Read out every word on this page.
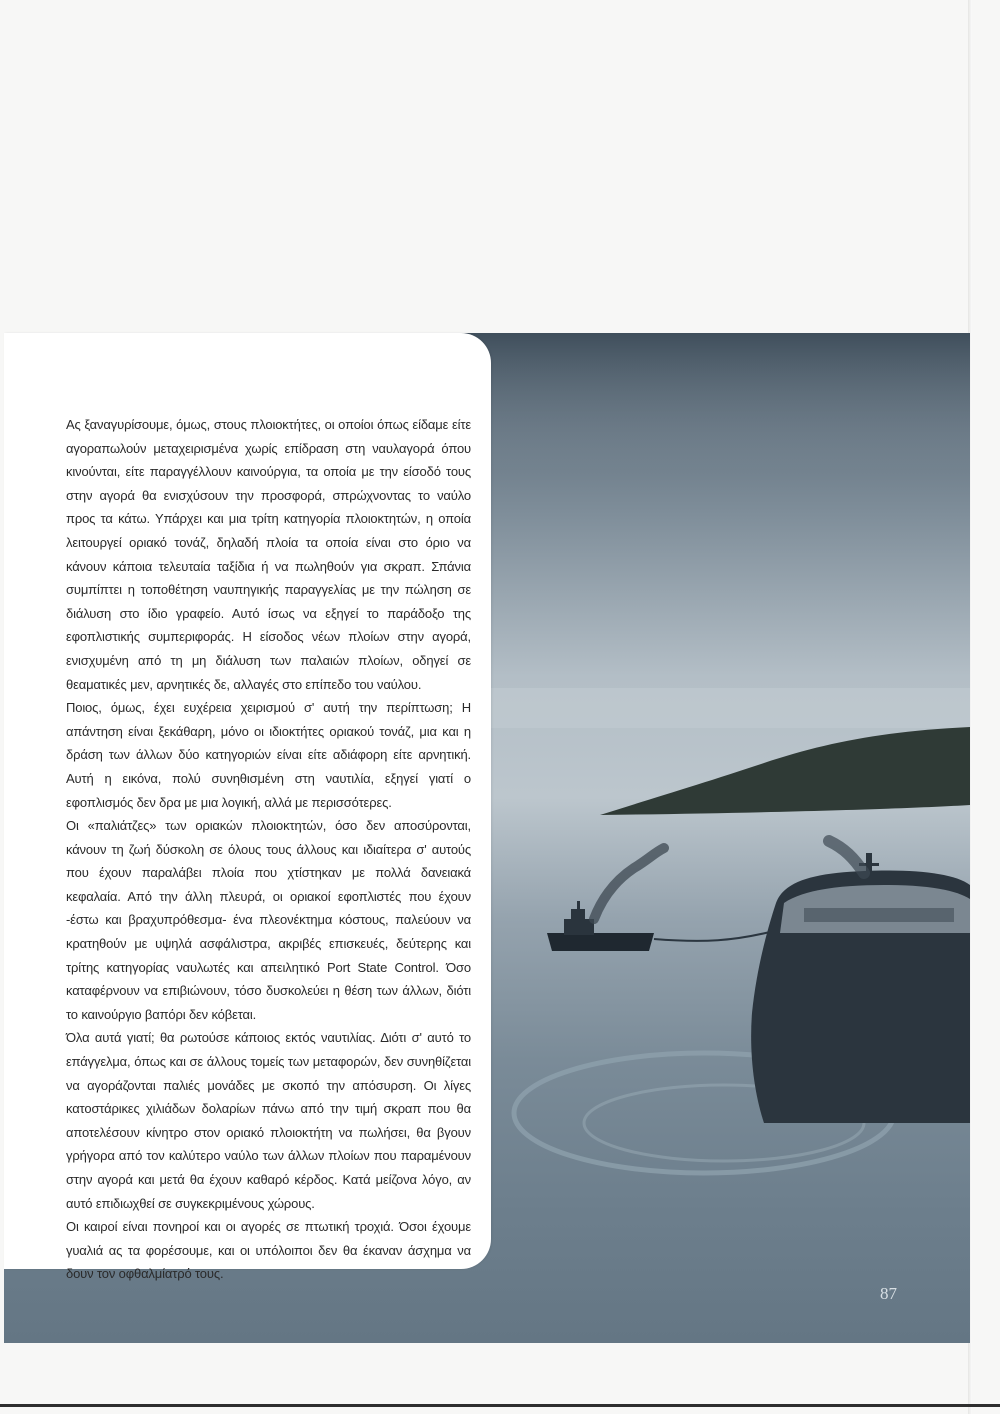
Ας ξαναγυρίσουμε, όμως, στους πλοιοκτήτες, οι οποίοι όπως είδαμε είτε αγοραπωλούν μεταχειρισμένα χωρίς επίδραση στη ναυλαγορά όπου κινούνται, είτε παραγγέλλουν καινούργια, τα οποία με την είσοδό τους στην αγορά θα ενισχύσουν την προσφορά, σπρώχνοντας το ναύλο προς τα κάτω. Υπάρχει και μια τρίτη κατηγορία πλοιοκτητών, η οποία λειτουργεί οριακό τονάζ, δηλαδή πλοία τα οποία είναι στο όριο να κάνουν κάποια τελευταία ταξίδια ή να πωληθούν για σκραπ. Σπάνια συμπίπτει η τοποθέτηση ναυπηγικής παραγγελίας με την πώληση σε διάλυση στο ίδιο γραφείο. Αυτό ίσως να εξηγεί το παράδοξο της εφοπλιστικής συμπεριφοράς. Η είσοδος νέων πλοίων στην αγορά, ενισχυμένη από τη μη διάλυση των παλαιών πλοίων, οδηγεί σε θεαματικές μεν, αρνητικές δε, αλλαγές στο επίπεδο του ναύλου.

Ποιος, όμως, έχει ευχέρεια χειρισμού σ' αυτή την περίπτωση; Η απάντηση είναι ξεκάθαρη, μόνο οι ιδιοκτήτες οριακού τονάζ, μια και η δράση των άλλων δύο κατηγοριών είναι είτε αδιάφορη είτε αρνητική. Αυτή η εικόνα, πολύ συνηθισμένη στη ναυτιλία, εξηγεί γιατί ο εφοπλισμός δεν δρα με μια λογική, αλλά με περισσότερες.

Οι «παλιάτζες» των οριακών πλοιοκτητών, όσο δεν αποσύρονται, κάνουν τη ζωή δύσκολη σε όλους τους άλλους και ιδιαίτερα σ' αυτούς που έχουν παραλάβει πλοία που χτίστηκαν με πολλά δανειακά κεφαλαία. Από την άλλη πλευρά, οι οριακοί εφοπλιστές που έχουν -έστω και βραχυπρόθεσμα- ένα πλεονέκτημα κόστους, παλεύουν να κρατηθούν με υψηλά ασφάλιστρα, ακριβές επισκευές, δεύτερης και τρίτης κατηγορίας ναυλωτές και απειλητικό Port State Control. Όσο καταφέρνουν να επιβιώνουν, τόσο δυσκολεύει η θέση των άλλων, διότι το καινούργιο βαπόρι δεν κόβεται.

Όλα αυτά γιατί; θα ρωτούσε κάποιος εκτός ναυτιλίας. Διότι σ' αυτό το επάγγελμα, όπως και σε άλλους τομείς των μεταφορών, δεν συνηθίζεται να αγοράζονται παλιές μονάδες με σκοπό την απόσυρση. Οι λίγες κατοστάρικες χιλιάδων δολαρίων πάνω από την τιμή σκραπ που θα αποτελέσουν κίνητρο στον οριακό πλοιοκτήτη να πωλήσει, θα βγουν γρήγορα από τον καλύτερο ναύλο των άλλων πλοίων που παραμένουν στην αγορά και μετά θα έχουν καθαρό κέρδος. Κατά μείζονα λόγο, αν αυτό επιδιωχθεί σε συγκεκριμένους χώρους.

Οι καιροί είναι πονηροί και οι αγορές σε πτωτική τροχιά. Όσοι έχουμε γυαλιά ας τα φορέσουμε, και οι υπόλοιποι δεν θα έκαναν άσχημα να δουν τον οφθαλμίατρό τους.

87
